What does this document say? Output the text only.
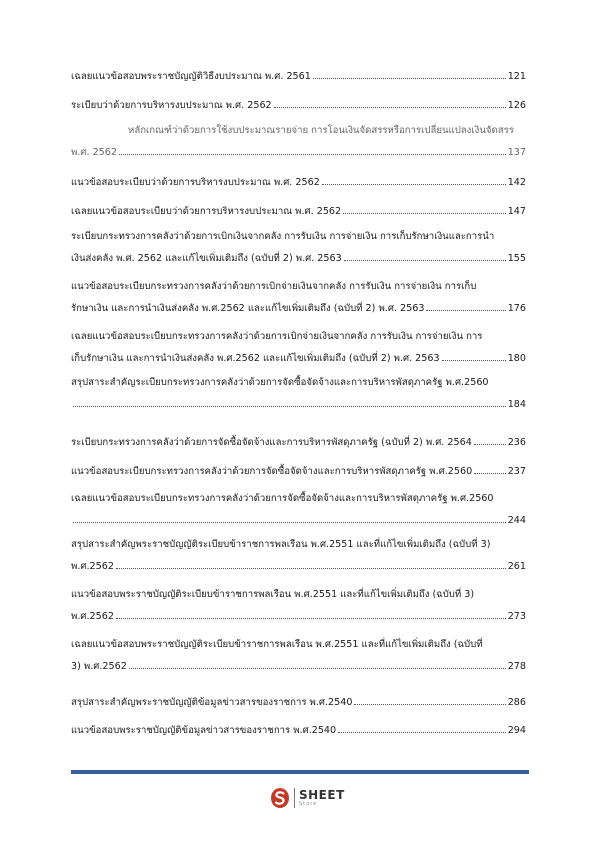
เฉลยแนวข้อสอบพระราชบัญญัติวิธีงบประมาณ พ.ศ. 2561	121
ระเบียบว่าด้วยการบริหารงบประมาณ พ.ศ. 2562	126
หลักเกณฑ์ว่าด้วยการใช้งบประมาณรายจ่าย การโอนเงินจัดสรรหรือการเปลี่ยนแปลงเงินจัดสรร
พ.ศ. 2562	137
แนวข้อสอบระเบียบว่าด้วยการบริหารงบประมาณ พ.ศ. 2562	142
เฉลยแนวข้อสอบระเบียบว่าด้วยการบริหารงบประมาณ พ.ศ. 2562	147
ระเบียบกระทรวงการคลังว่าด้วยการเบิกเงินจากคลัง การรับเงิน การจ่ายเงิน การเก็บรักษาเงินและการนำ
เงินส่งคลัง พ.ศ. 2562 และแก้ไขเพิ่มเติมถึง (ฉบับที่ 2) พ.ศ. 2563	155
แนวข้อสอบระเบียบกระทรวงการคลังว่าด้วยการเบิกจ่ายเงินจากคลัง การรับเงิน การจ่ายเงิน การเก็บ
รักษาเงิน และการนำเงินส่งคลัง พ.ศ.2562 และแก้ไขเพิ่มเติมถึง (ฉบับที่ 2) พ.ศ. 2563	176
เฉลยแนวข้อสอบระเบียบกระทรวงการคลังว่าด้วยการเบิกจ่ายเงินจากคลัง การรับเงิน การจ่ายเงิน การ
เก็บรักษาเงิน และการนำเงินส่งคลัง พ.ศ.2562 และแก้ไขเพิ่มเติมถึง (ฉบับที่ 2) พ.ศ. 2563	180
สรุปสาระสำคัญระเบียบกระทรวงการคลังว่าด้วยการจัดซื้อจัดจ้างและการบริหารพัสดุภาครัฐ พ.ศ.2560
184
ระเบียบกระทรวงการคลังว่าด้วยการจัดซื้อจัดจ้างและการบริหารพัสดุภาครัฐ (ฉบับที่ 2) พ.ศ. 2564	236
แนวข้อสอบระเบียบกระทรวงการคลังว่าด้วยการจัดซื้อจัดจ้างและการบริหารพัสดุภาครัฐ พ.ศ.2560	237
เฉลยแนวข้อสอบระเบียบกระทรวงการคลังว่าด้วยการจัดซื้อจัดจ้างและการบริหารพัสดุภาครัฐ พ.ศ.2560
244
สรุปสาระสำคัญพระราชบัญญัติระเบียบข้าราชการพลเรือน พ.ศ.2551 และที่แก้ไขเพิ่มเติมถึง (ฉบับที่ 3)
พ.ศ.2562	261
แนวข้อสอบพระราชบัญญัติระเบียบข้าราชการพลเรือน พ.ศ.2551 และที่แก้ไขเพิ่มเติมถึง (ฉบับที่ 3)
พ.ศ.2562	273
เฉลยแนวข้อสอบพระราชบัญญัติระเบียบข้าราชการพลเรือน พ.ศ.2551 และที่แก้ไขเพิ่มเติมถึง (ฉบับที่
3) พ.ศ.2562	278
สรุปสาระสำคัญพระราชบัญญัติข้อมูลข่าวสารของราชการ พ.ศ.2540	286
แนวข้อสอบพระราชบัญญัติข้อมูลข่าวสารของราชการ พ.ศ.2540	294
SHEET
Store
